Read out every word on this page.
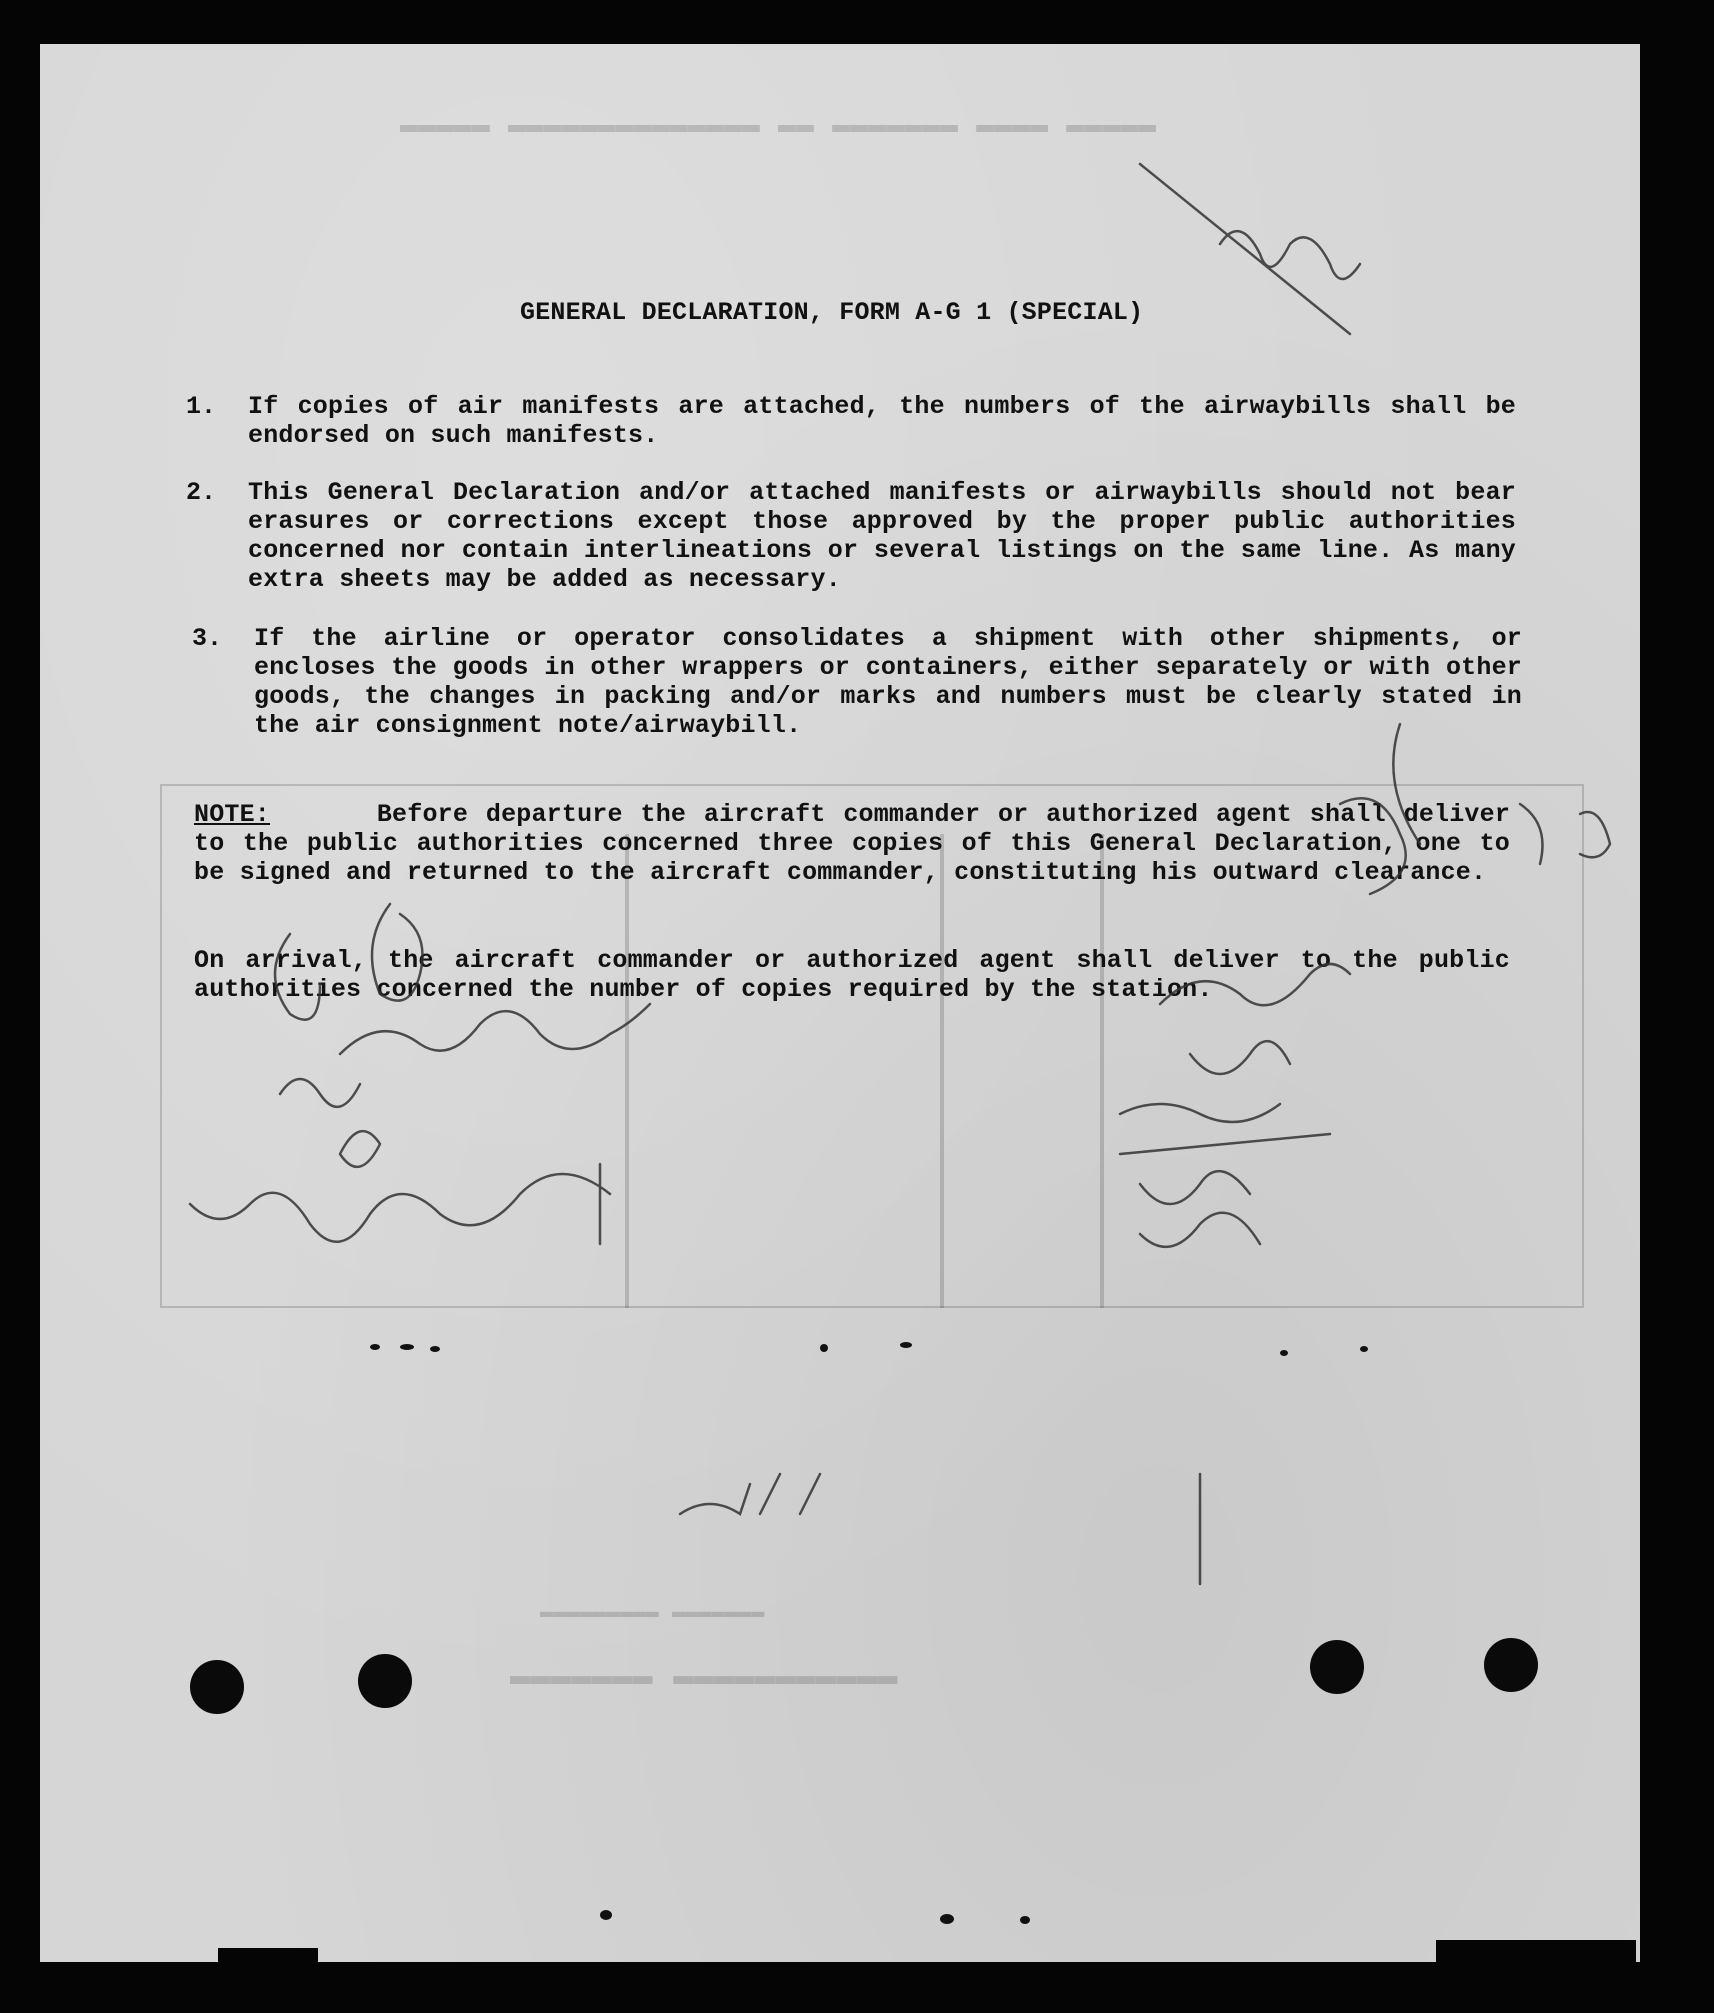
▬▬▬▬▬ ▬▬▬▬▬▬▬▬▬▬▬▬▬▬ ▬▬ ▬▬▬▬▬▬▬ ▬▬▬▬ ▬▬▬▬▬
▬▬▬▬▬▬▬ ▬▬▬▬▬▬▬▬▬▬▬
▬▬▬▬▬▬▬▬▬ ▬▬▬▬▬▬▬
GENERAL DECLARATION, FORM A-G 1 (SPECIAL)
1. If copies of air manifests are attached, the numbers of the airwaybills shall be endorsed on such manifests.
2. This General Declaration and/or attached manifests or airwaybills should not bear erasures or corrections except those approved by the proper public authorities concerned nor contain interlineations or several listings on the same line. As many extra sheets may be added as necessary.
3. If the airline or operator consolidates a shipment with other shipments, or encloses the goods in other wrappers or containers, either separately or with other goods, the changes in packing and/or marks and numbers must be clearly stated in the air consignment note/airwaybill.
NOTE:	Before departure the aircraft commander or authorized agent shall deliver to the public authorities concerned three copies of this General Declaration, one to be signed and returned to the aircraft commander, constituting his outward clearance.
On arrival, the aircraft commander or authorized agent shall deliver to the public authorities concerned the number of copies required by the station.
